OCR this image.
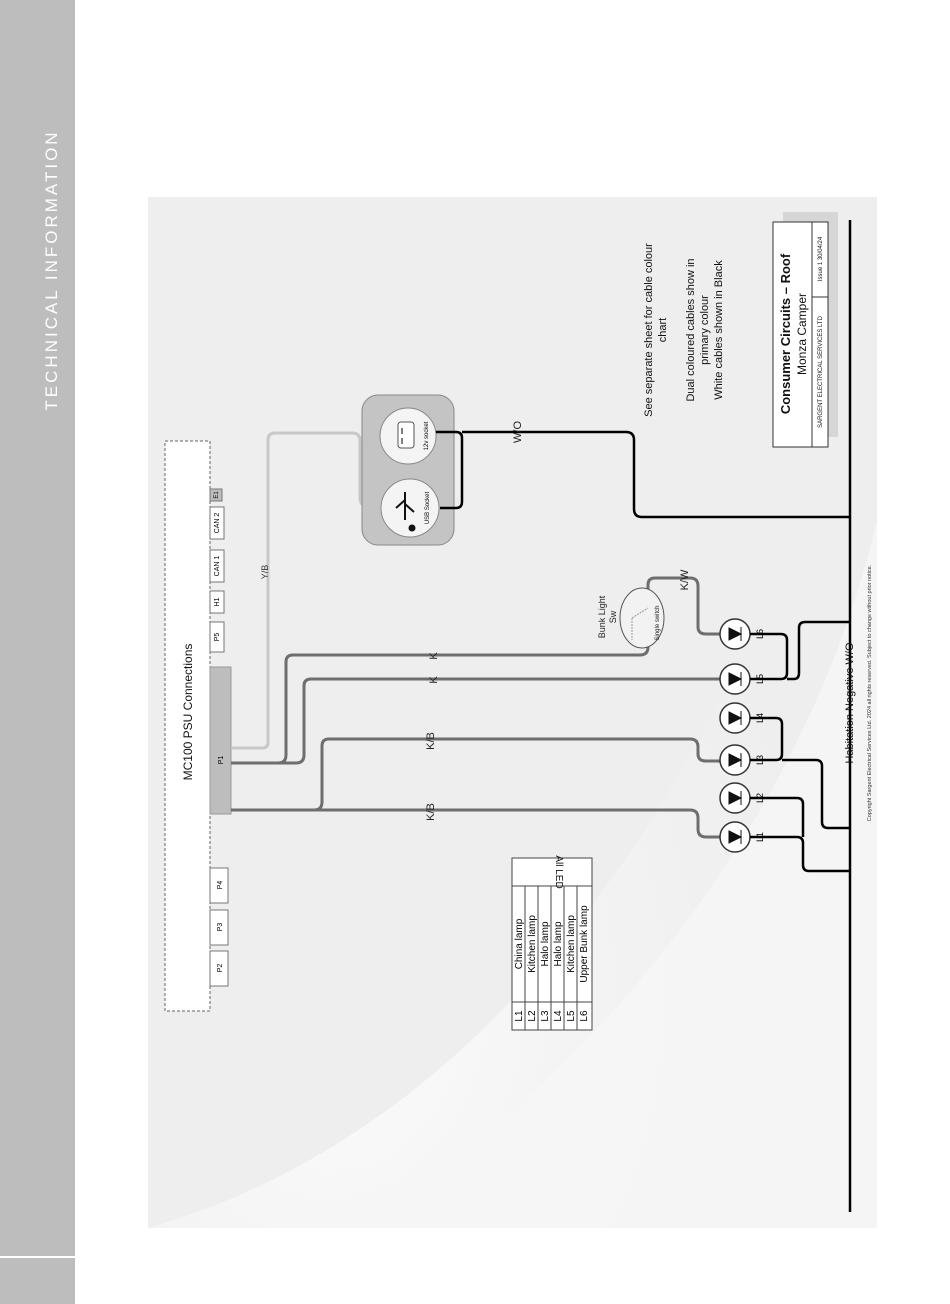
TECHNICAL INFORMATION
MC100 PSU Connections
P2
P3
P4
P1
P5
H1
CAN 1
CAN 2
E1
Y/B
K
K
K/B
K/B
K/W
Single switch
Bunk Light Sw
L1
L2
L3
L4
L5
L6
USB Socket
12v socket	W/O
Habitation Negative W/O Copyright Sargent Electrical Services Ltd. 2024 all rights reserved. Subject to change without prior notice.
All LED
L1 L2 L3 L4 L5 L6
China lamp Kitchen lamp Halo lamp Halo lamp Kitchen lamp Upper Bunk lamp
See separate sheet for cable colour chart Dual coloured cables show in primary colour White cables shown in Black	Consumer Circuits – Roof Monza Camper SARGENT ELECTRICAL SERVICES LTD
Issue 1 30/04/24
